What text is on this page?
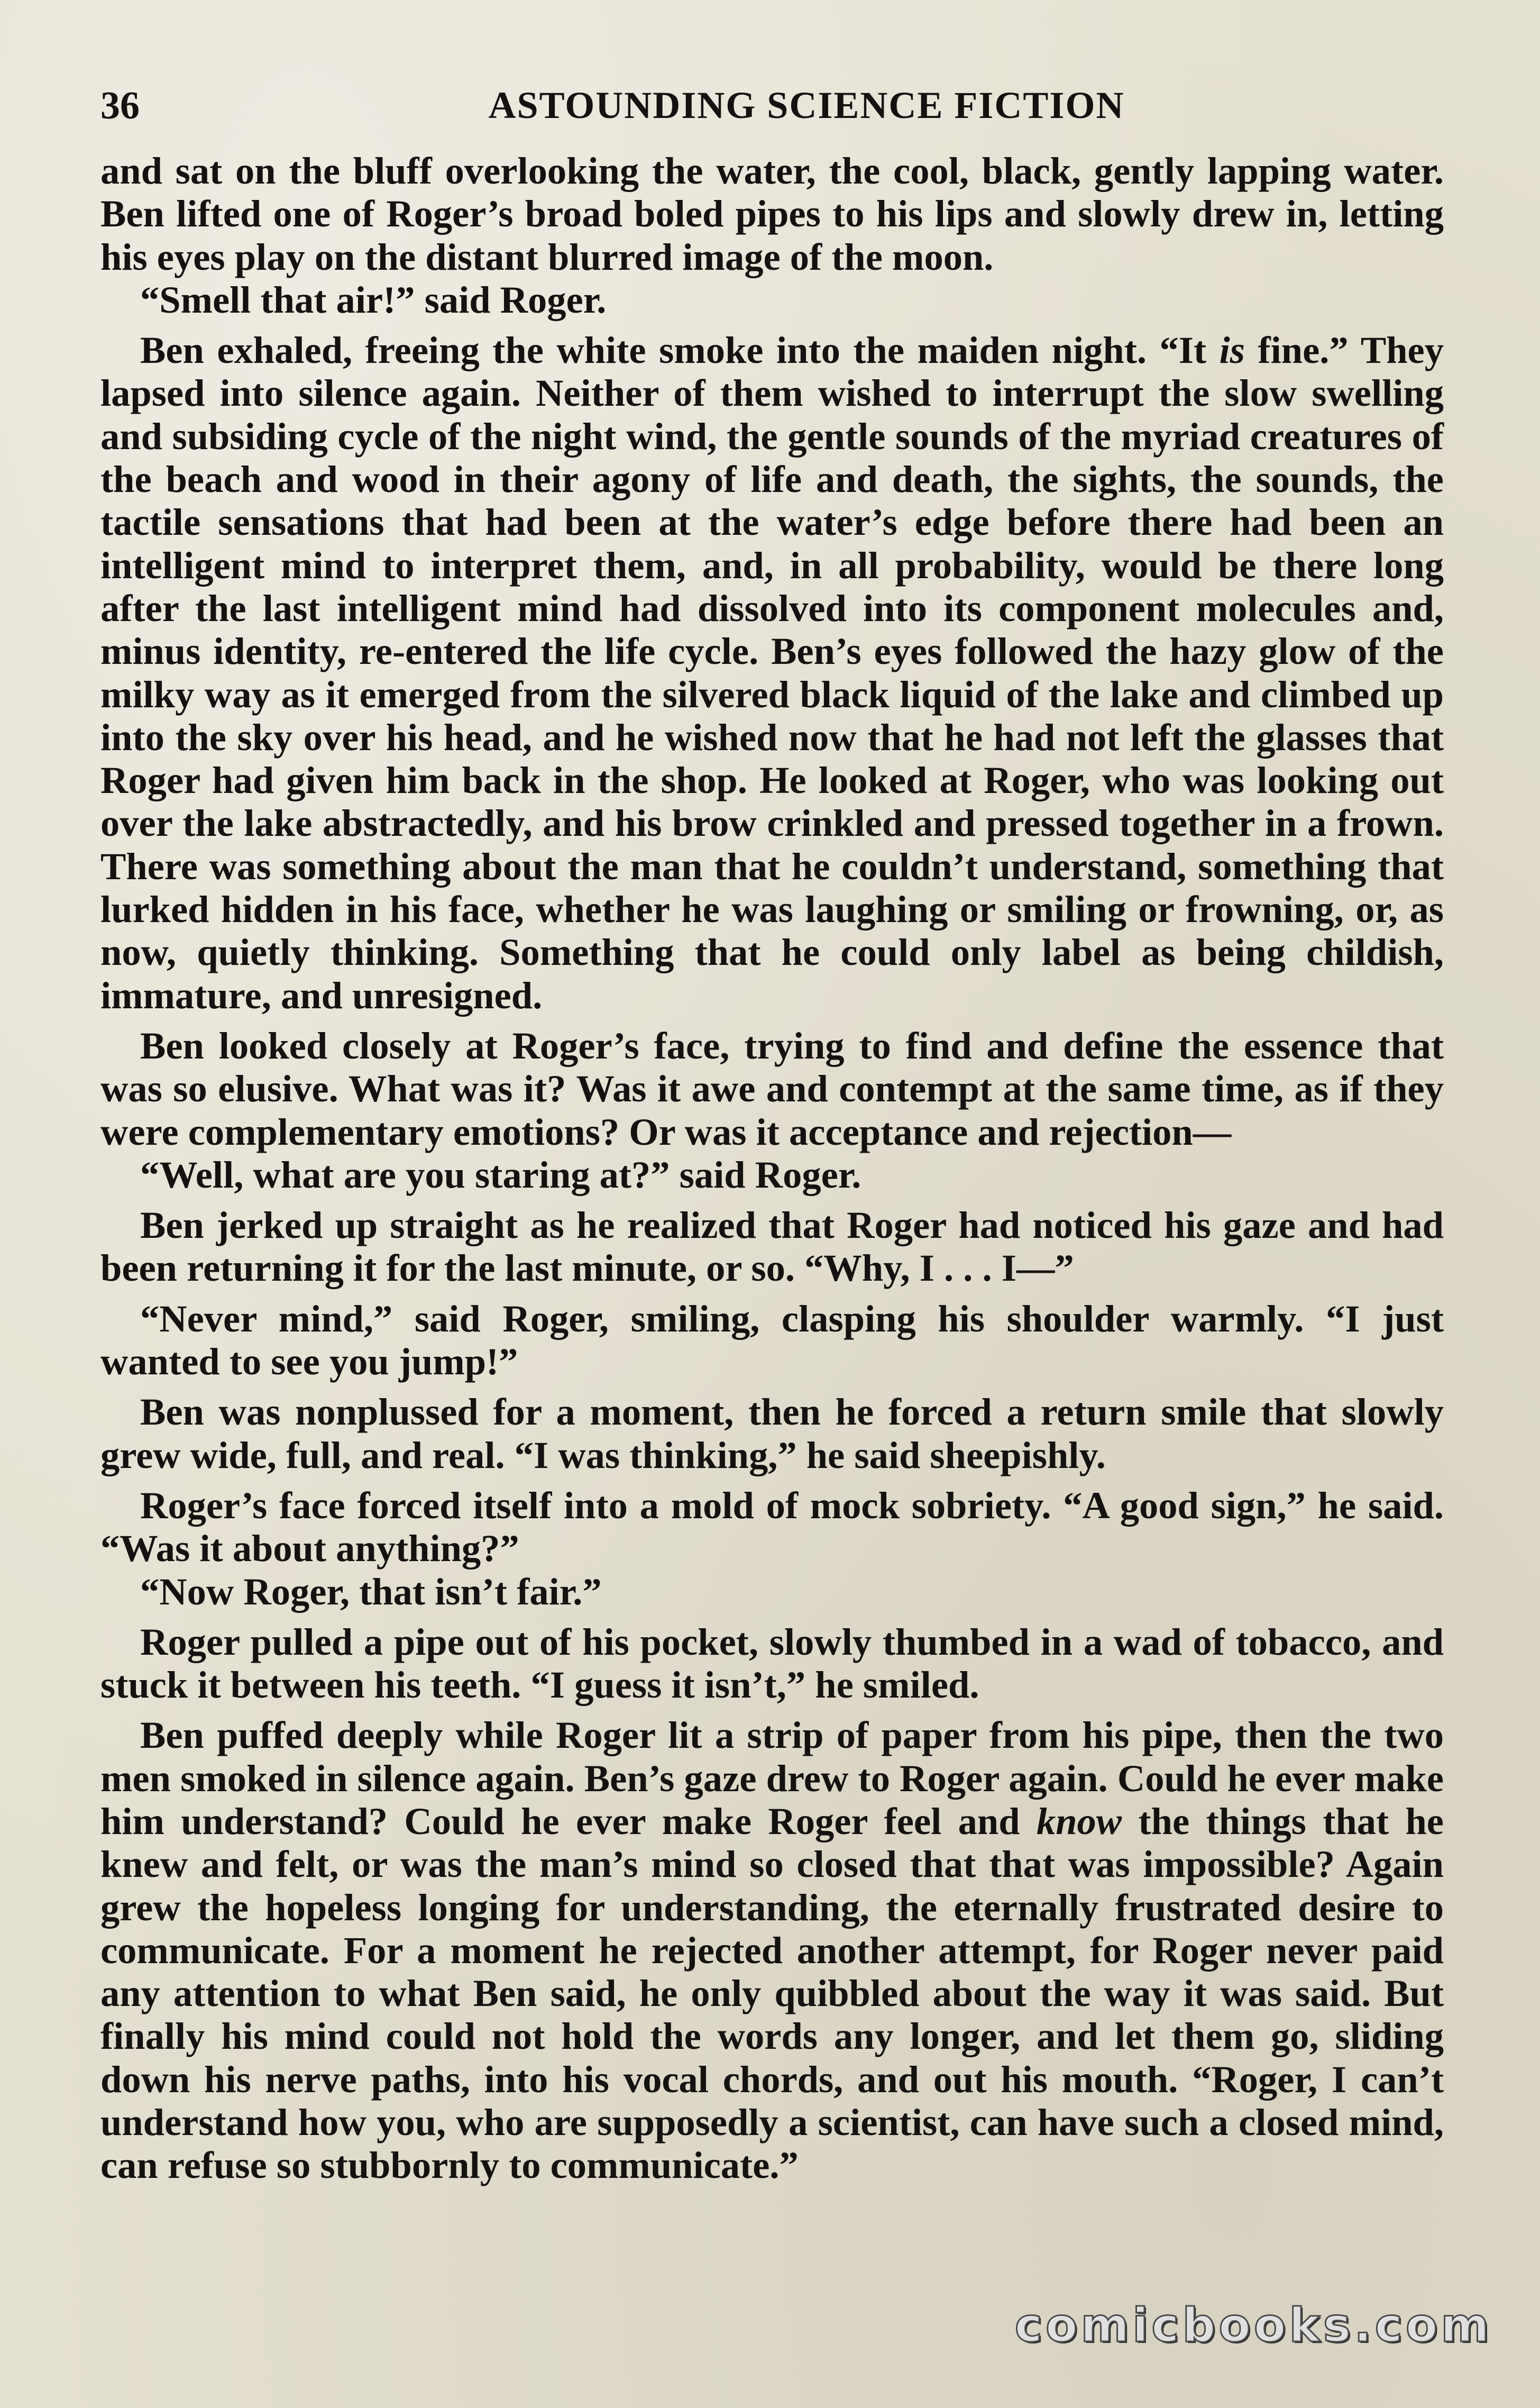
36	ASTOUNDING SCIENCE FICTION

and sat on the bluff overlooking the water, the cool, black, gently lapping water. Ben lifted one of Roger’s broad boled pipes to his lips and slowly drew in, letting his eyes play on the distant blurred image of the moon.

“Smell that air!” said Roger.

Ben exhaled, freeing the white smoke into the maiden night. “It is fine.” They lapsed into silence again. Neither of them wished to interrupt the slow swelling and subsiding cycle of the night wind, the gentle sounds of the myriad creatures of the beach and wood in their agony of life and death, the sights, the sounds, the tactile sensations that had been at the water’s edge before there had been an intelligent mind to interpret them, and, in all probability, would be there long after the last intelligent mind had dissolved into its component molecules and, minus identity, re-entered the life cycle. Ben’s eyes followed the hazy glow of the milky way as it emerged from the silvered black liquid of the lake and climbed up into the sky over his head, and he wished now that he had not left the glasses that Roger had given him back in the shop. He looked at Roger, who was looking out over the lake abstractedly, and his brow crinkled and pressed together in a frown. There was something about the man that he couldn’t understand, something that lurked hidden in his face, whether he was laughing or smiling or frowning, or, as now, quietly thinking. Something that he could only label as being childish, immature, and unresigned.

Ben looked closely at Roger’s face, trying to find and define the essence that was so elusive. What was it? Was it awe and contempt at the same time, as if they were complementary emotions? Or was it acceptance and rejection—

“Well, what are you staring at?” said Roger.

Ben jerked up straight as he realized that Roger had noticed his gaze and had been returning it for the last minute, or so. “Why, I . . . I—”

“Never mind,” said Roger, smiling, clasping his shoulder warmly. “I just wanted to see you jump!”

Ben was nonplussed for a moment, then he forced a return smile that slowly grew wide, full, and real. “I was thinking,” he said sheepishly.

Roger’s face forced itself into a mold of mock sobriety. “A good sign,” he said. “Was it about anything?”

“Now Roger, that isn’t fair.”

Roger pulled a pipe out of his pocket, slowly thumbed in a wad of tobacco, and stuck it between his teeth. “I guess it isn’t,” he smiled.

Ben puffed deeply while Roger lit a strip of paper from his pipe, then the two men smoked in silence again. Ben’s gaze drew to Roger again. Could he ever make him understand? Could he ever make Roger feel and know the things that he knew and felt, or was the man’s mind so closed that that was impossible? Again grew the hopeless longing for understanding, the eternally frustrated desire to communicate. For a moment he rejected another attempt, for Roger never paid any attention to what Ben said, he only quibbled about the way it was said. But finally his mind could not hold the words any longer, and let them go, sliding down his nerve paths, into his vocal chords, and out his mouth. “Roger, I can’t understand how you, who are supposedly a scientist, can have such a closed mind, can refuse so stubbornly to communicate.”

comicbooks.com
